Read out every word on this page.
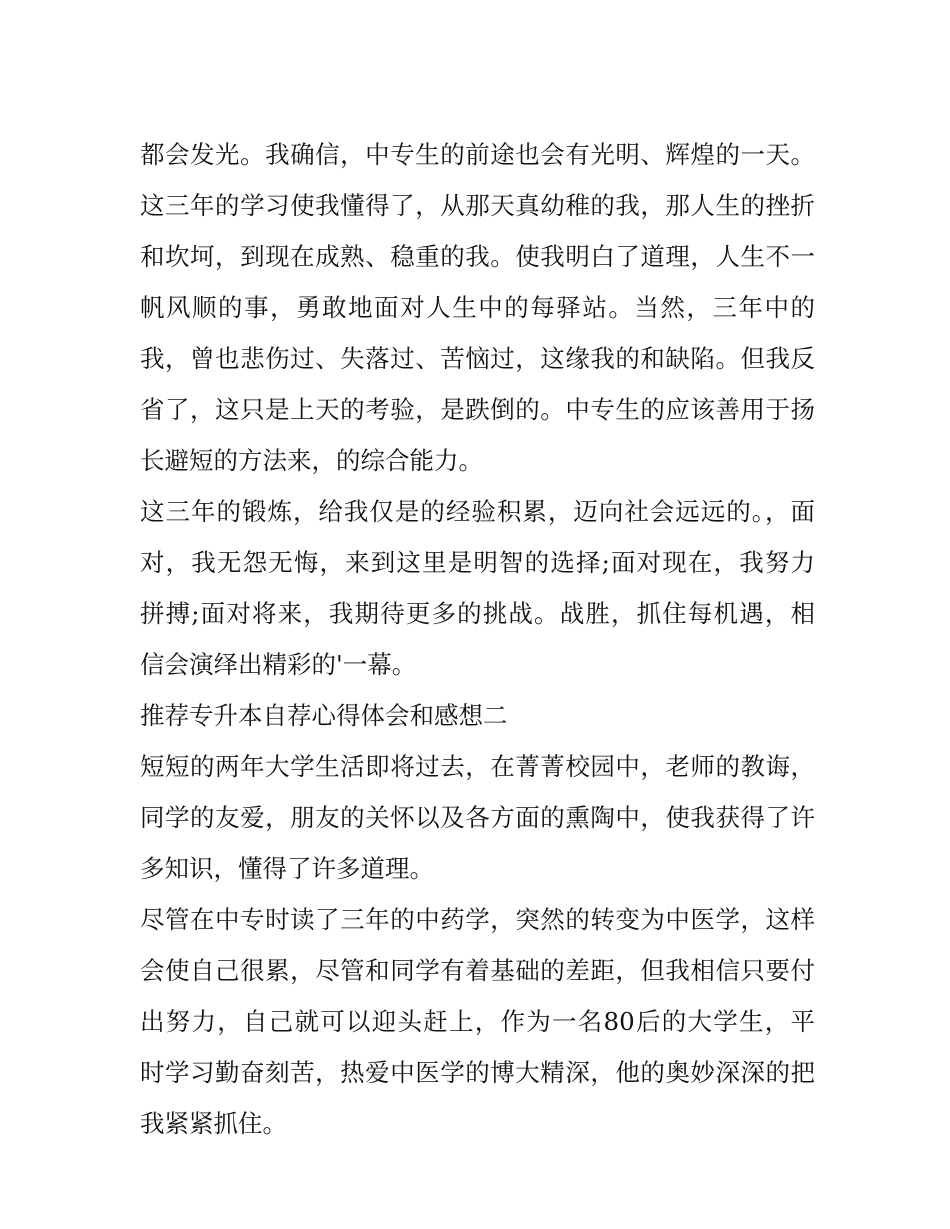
都会发光。我确信，中专生的前途也会有光明、辉煌的一天。
这三年的学习使我懂得了，从那天真幼稚的我，那人生的挫折
和坎坷，到现在成熟、稳重的我。使我明白了道理，人生不一
帆风顺的事，勇敢地面对人生中的每驿站。当然，三年中的
我，曾也悲伤过、失落过、苦恼过，这缘我的和缺陷。但我反
省了，这只是上天的考验，是跌倒的。中专生的应该善用于扬
长避短的方法来，的综合能力。
这三年的锻炼，给我仅是的经验积累，迈向社会远远的。，面
对，我无怨无悔，来到这里是明智的选择;面对现在，我努力
拼搏;面对将来，我期待更多的挑战。战胜，抓住每机遇，相
信会演绎出精彩的'一幕。
推荐专升本自荐心得体会和感想二
短短的两年大学生活即将过去，在菁菁校园中，老师的教诲，
同学的友爱，朋友的关怀以及各方面的熏陶中，使我获得了许
多知识，懂得了许多道理。
尽管在中专时读了三年的中药学，突然的转变为中医学，这样
会使自己很累，尽管和同学有着基础的差距，但我相信只要付
出努力，自己就可以迎头赶上，作为一名80后的大学生，平
时学习勤奋刻苦，热爱中医学的博大精深，他的奥妙深深的把
我紧紧抓住。
